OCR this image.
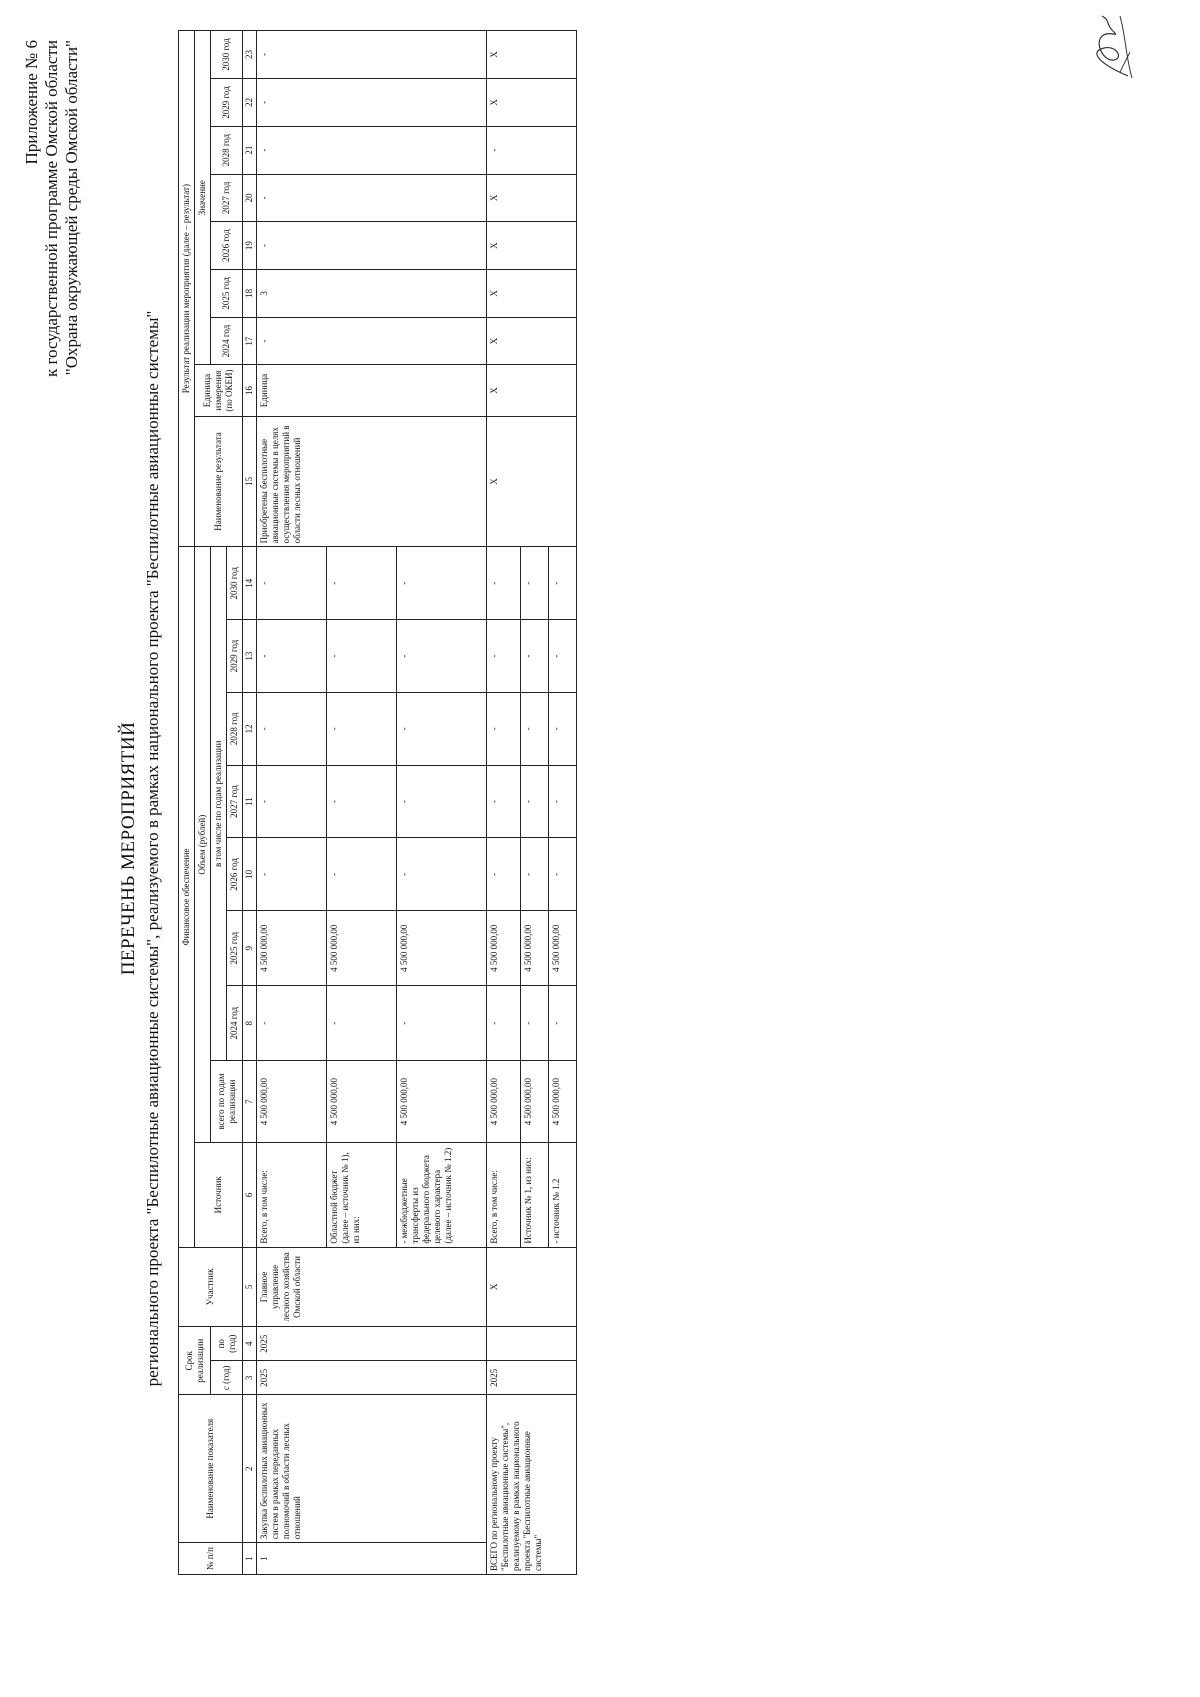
Приложение № 6 к государственной программе Омской области "Охрана окружающей среды Омской области"
ПЕРЕЧЕНЬ МЕРОПРИЯТИЙ регионального проекта "Беспилотные авиационные системы", реализуемого в рамках национального проекта "Беспилотные авиационные системы"
№ п/п	Наименование показателя	Срок реализации		Участник	Финансовое обеспечение									Результат реализации мероприятия (далее – результат)								
					Источник	Объем (рублей)								Наименование результата	Единица измерения (по ОКЕИ)	Значение						
		с (год)	по (год)			всего по годам реализации	в том числе по годам реализации									2024 год	2025 год	2026 год	2027 год	2028 год	2029 год	2030 год
							2024 год	2025 год	2026 год	2027 год	2028 год	2029 год	2030 год									
1	2	3	4	5	6	7	8	9	10	11	12	13	14	15	16	17	18	19	20	21	22	23
1	Закупка беспилотных авиационных систем в рамках переданных полномочий в области лесных отношений	2025	2025	Главное управление лесного хозяйства Омской области	Всего, в том числе:	4 500 000,00	-	4 500 000,00	-	-	-	-	-	Приобретены беспилотные авиационные системы в целях осуществления мероприятий в области лесных отношений	Единица	-	3	-	-	-	-	-
					Областной бюджет (далее – источник № 1), из них:	4 500 000,00	-	4 500 000,00	-	-	-	-	-									
					- межбюджетные трансферты из федерального бюджета целевого характера (далее – источник № 1.2)	4 500 000,00	-	4 500 000,00	-	-	-	-	-									
ВСЕГО по региональному проекту "Беспилотные авиационные системы", реализуемому в рамках национального проекта "Беспилотные авиационные системы"		2025		Х	Всего, в том числе:	4 500 000,00	-	4 500 000,00	-	-	-	-	-	Х	Х	Х	Х	Х	Х	-	Х	Х
					Источник № 1, из них:	4 500 000,00	-	4 500 000,00	-	-	-	-	-									
					- источник № 1.2	4 500 000,00	-	4 500 000,00	-	-	-	-	-									
